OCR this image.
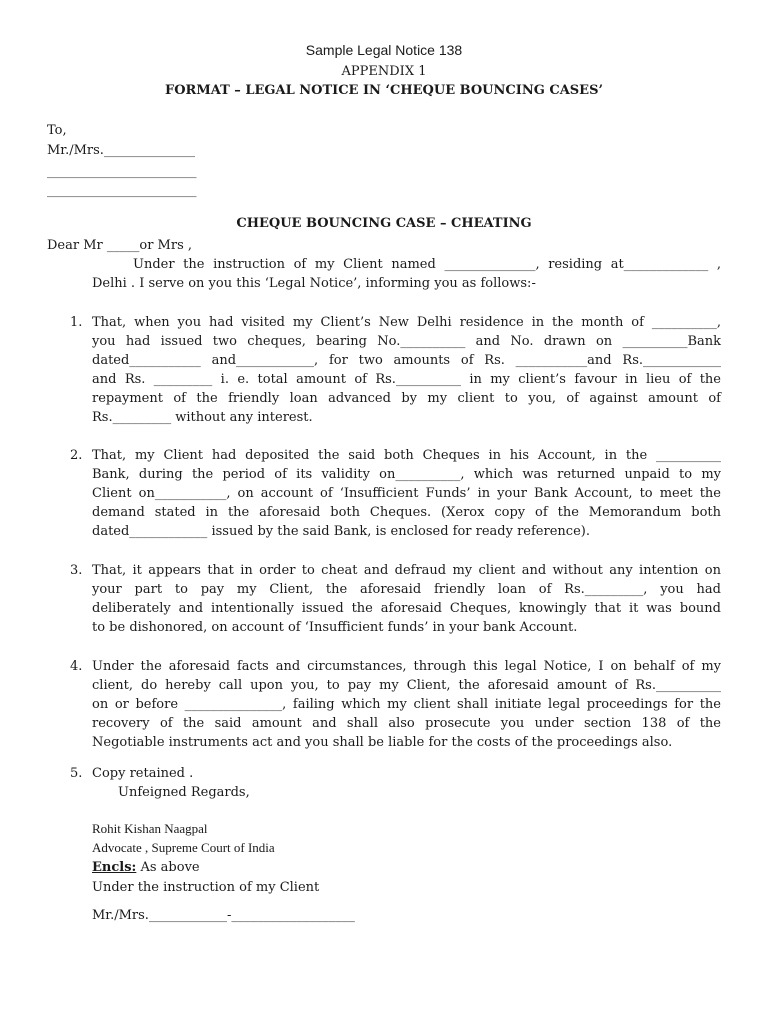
Sample Legal Notice 138
APPENDIX 1
FORMAT – LEGAL NOTICE IN ‘CHEQUE BOUNCING CASES’
To,
Mr./Mrs.______________
_______________________
_______________________
CHEQUE BOUNCING CASE – CHEATING
Dear Mr _____or Mrs ,
Under the instruction of my Client named ______________, residing at_____________ ,
Delhi . I serve on you this ‘Legal Notice’, informing you as follows:-
1. That, when you had visited my Client’s New Delhi residence in the month of __________,
you had issued two cheques, bearing No.__________ and No. drawn on __________Bank
dated___________ and____________, for two amounts of Rs. ___________and Rs.____________
and Rs. _________ i. e. total amount of Rs.__________ in my client’s favour in lieu of the
repayment of the friendly loan advanced by my client to you, of against amount of
Rs._________ without any interest.
2. That, my Client had deposited the said both Cheques in his Account, in the __________
Bank, during the period of its validity on__________, which was returned unpaid to my
Client on___________, on account of ‘Insufficient Funds’ in your Bank Account, to meet the
demand stated in the aforesaid both Cheques. (Xerox copy of the Memorandum both
dated____________ issued by the said Bank, is enclosed for ready reference).
3. That, it appears that in order to cheat and defraud my client and without any intention on
your part to pay my Client, the aforesaid friendly loan of Rs._________, you had
deliberately and intentionally issued the aforesaid Cheques, knowingly that it was bound
to be dishonored, on account of ‘Insufficient funds’ in your bank Account.
4. Under the aforesaid facts and circumstances, through this legal Notice, I on behalf of my
client, do hereby call upon you, to pay my Client, the aforesaid amount of Rs.__________
on or before _______________, failing which my client shall initiate legal proceedings for the
recovery of the said amount and shall also prosecute you under section 138 of the
Negotiable instruments act and you shall be liable for the costs of the proceedings also.
5. Copy retained .
Unfeigned Regards,
Rohit Kishan Naagpal
Advocate , Supreme Court of India
Encls: As above
Under the instruction of my Client
Mr./Mrs.____________-___________________
